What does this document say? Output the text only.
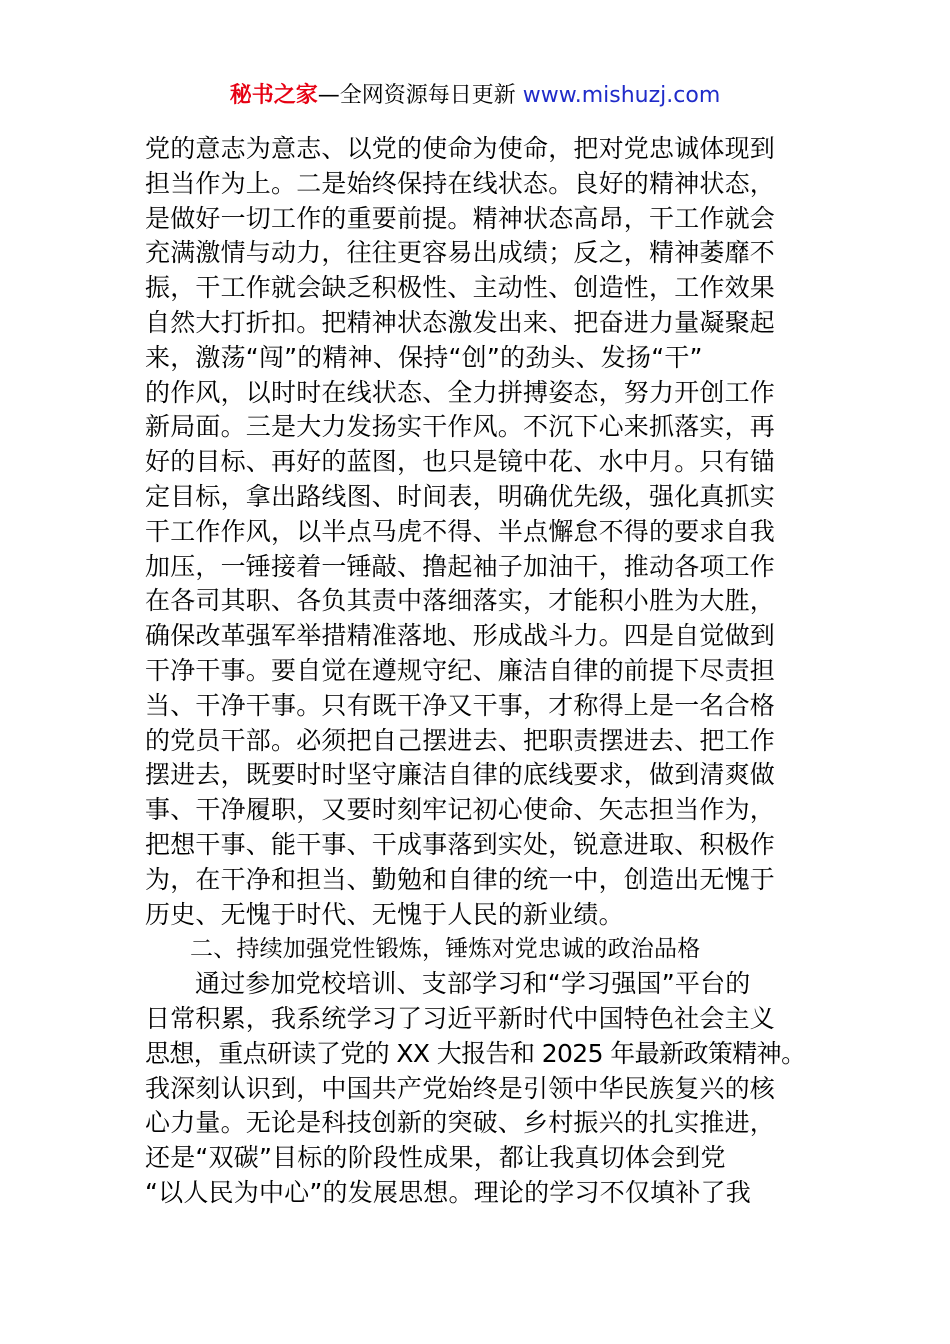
秘书之家—全网资源每日更新 www.mishuzj.com
党的意志为意志、以党的使命为使命，把对党忠诚体现到
担当作为上。二是始终保持在线状态。良好的精神状态，
是做好一切工作的重要前提。精神状态高昂，干工作就会
充满激情与动力，往往更容易出成绩；反之，精神萎靡不
振，干工作就会缺乏积极性、主动性、创造性，工作效果
自然大打折扣。把精神状态激发出来、把奋进力量凝聚起
来，激荡“闯”的精神、保持“创”的劲头、发扬“干”
的作风，以时时在线状态、全力拼搏姿态，努力开创工作
新局面。三是大力发扬实干作风。不沉下心来抓落实，再
好的目标、再好的蓝图，也只是镜中花、水中月。只有锚
定目标，拿出路线图、时间表，明确优先级，强化真抓实
干工作作风，以半点马虎不得、半点懈怠不得的要求自我
加压，一锤接着一锤敲、撸起袖子加油干，推动各项工作
在各司其职、各负其责中落细落实，才能积小胜为大胜，
确保改革强军举措精准落地、形成战斗力。四是自觉做到
干净干事。要自觉在遵规守纪、廉洁自律的前提下尽责担
当、干净干事。只有既干净又干事，才称得上是一名合格
的党员干部。必须把自己摆进去、把职责摆进去、把工作
摆进去，既要时时坚守廉洁自律的底线要求，做到清爽做
事、干净履职，又要时刻牢记初心使命、矢志担当作为，
把想干事、能干事、干成事落到实处，锐意进取、积极作
为，在干净和担当、勤勉和自律的统一中，创造出无愧于
历史、无愧于时代、无愧于人民的新业绩。
二、持续加强党性锻炼，锤炼对党忠诚的政治品格
通过参加党校培训、支部学习和“学习强国”平台的
日常积累，我系统学习了习近平新时代中国特色社会主义
思想，重点研读了党的 XX 大报告和 2025 年最新政策精神。
我深刻认识到，中国共产党始终是引领中华民族复兴的核
心力量。无论是科技创新的突破、乡村振兴的扎实推进，
还是“双碳”目标的阶段性成果，都让我真切体会到党
“以人民为中心”的发展思想。理论的学习不仅填补了我
